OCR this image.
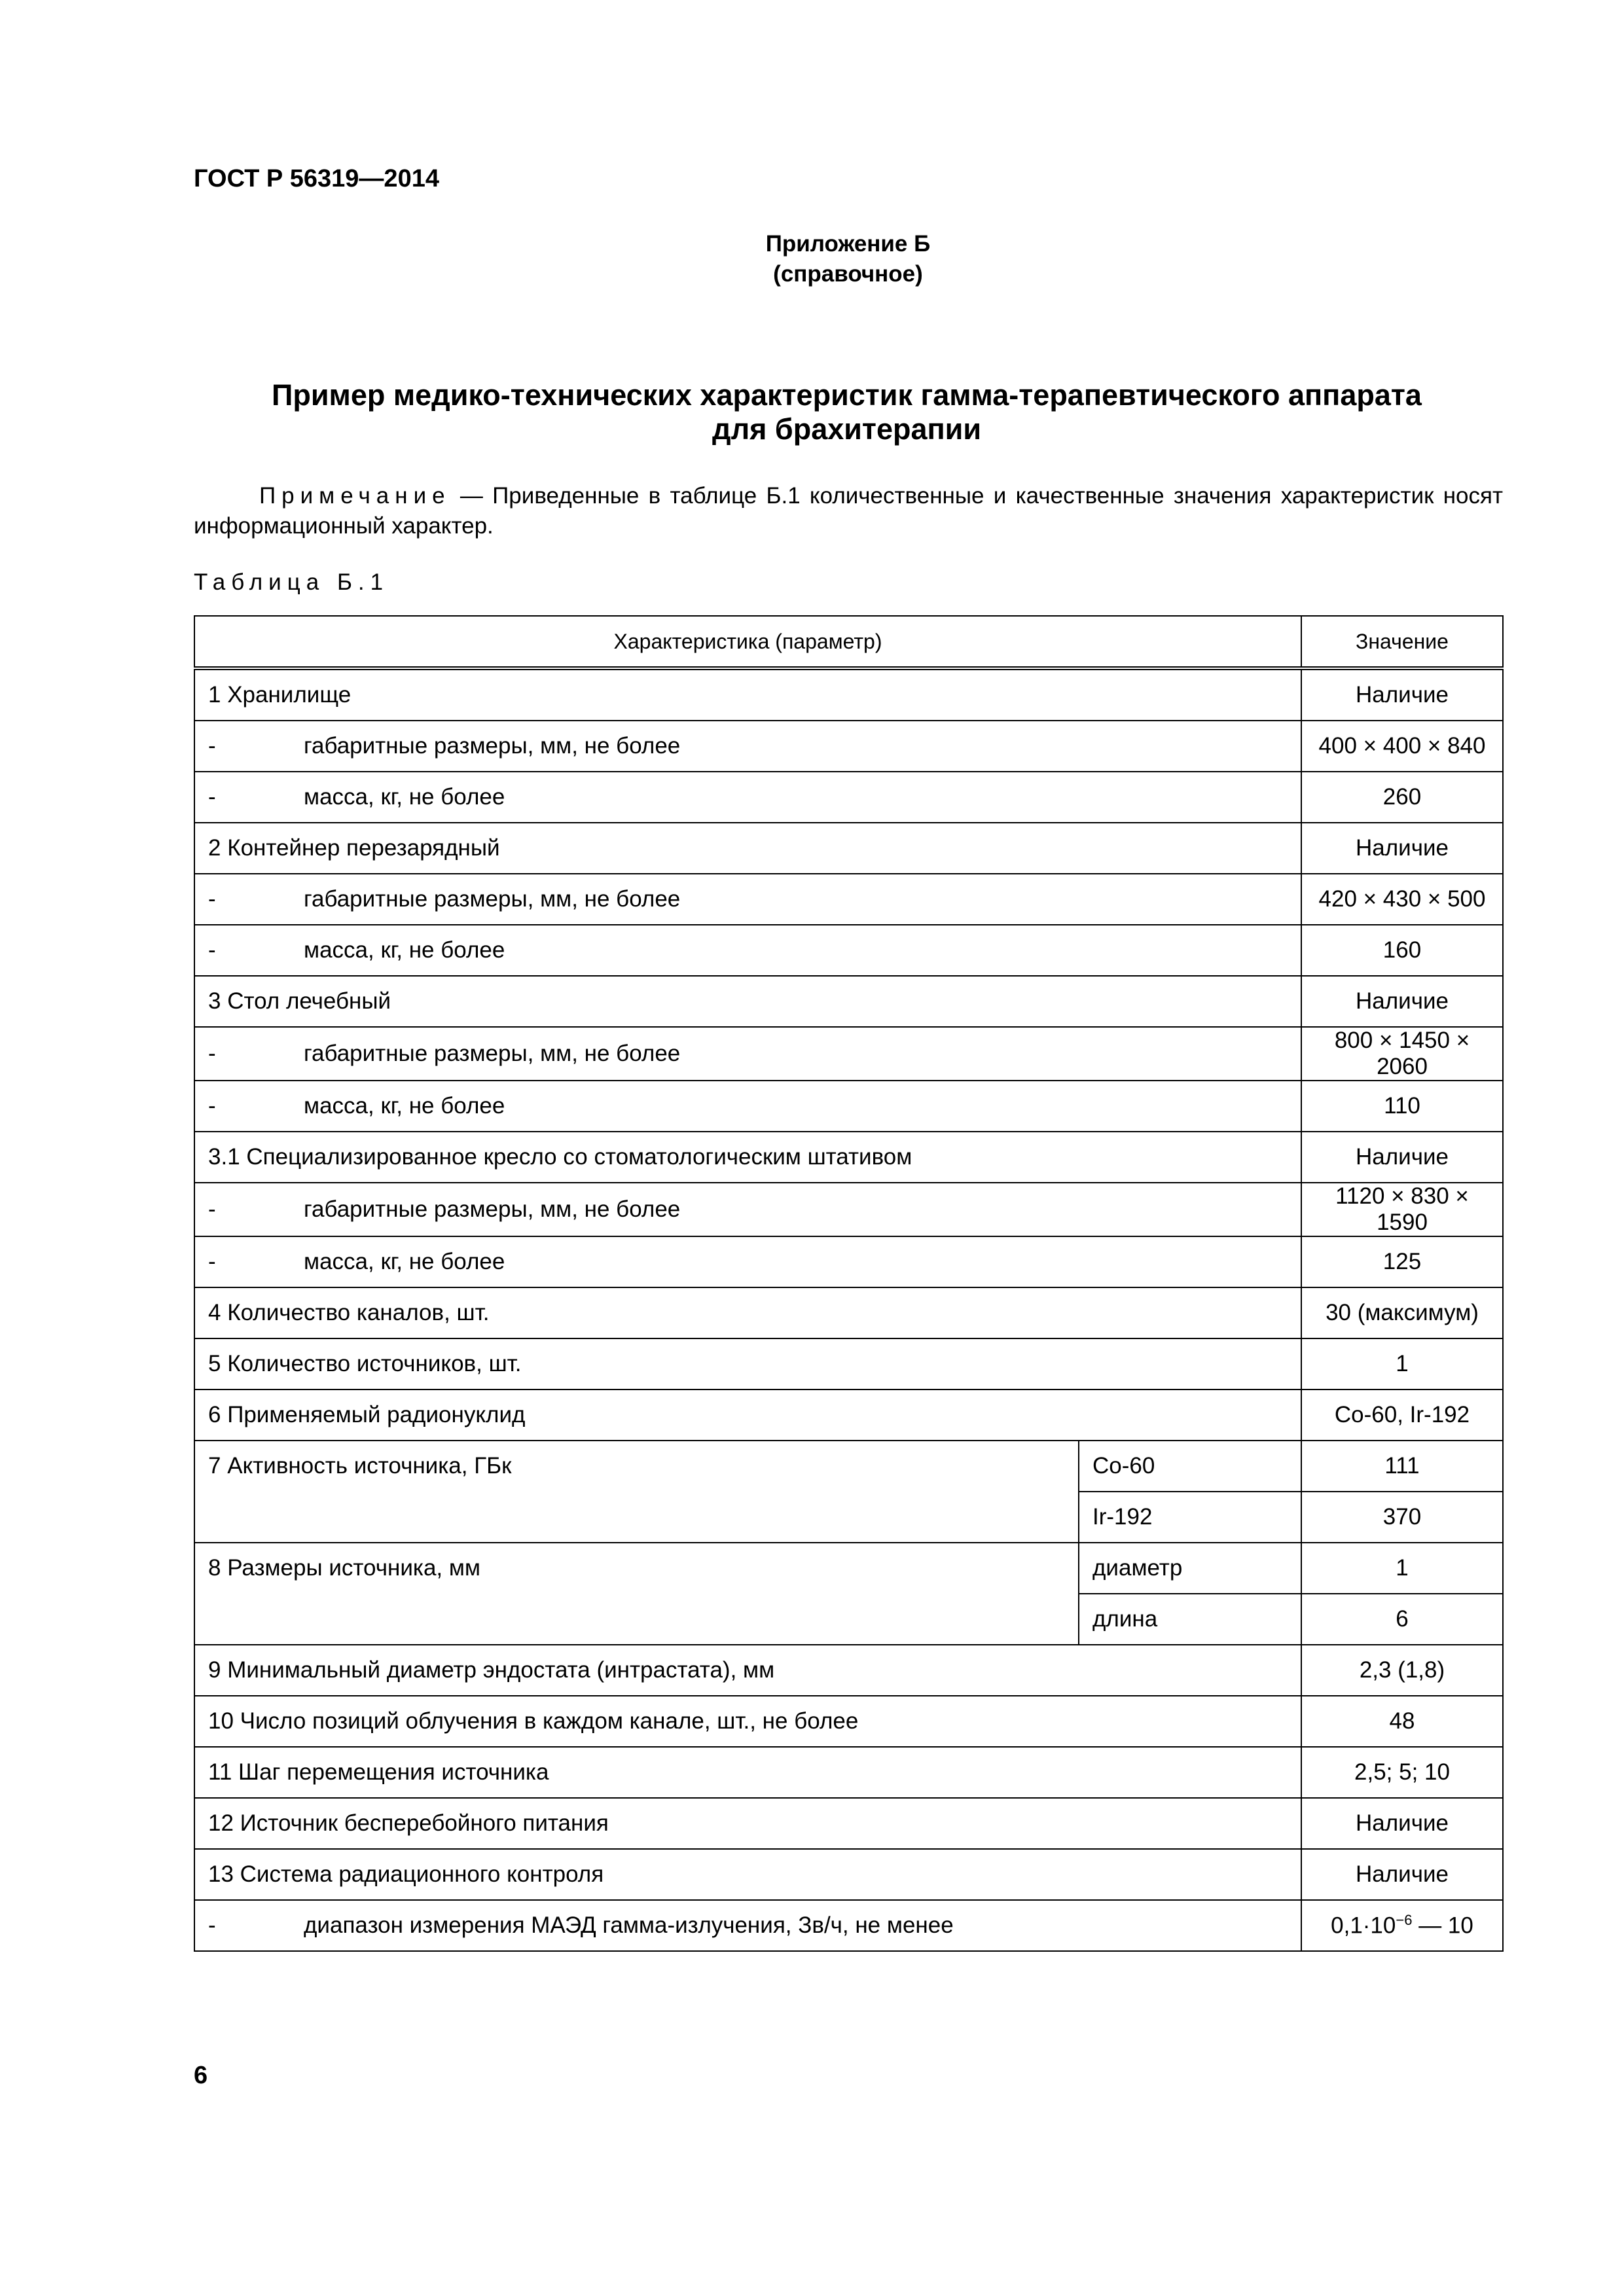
ГОСТ Р 56319—2014
Приложение Б
(справочное)
Пример медико-технических характеристик гамма-терапевтического аппарата
для брахитерапии
Примечание — Приведенные в таблице Б.1 количественные и качественные значения характеристик носят информационный характер.
Таблица Б.1
Характеристика (параметр)		Значение
1 Хранилище		Наличие
- габаритные размеры, мм, не более		400 × 400 × 840
- масса, кг, не более		260
2 Контейнер перезарядный		Наличие
- габаритные размеры, мм, не более		420 × 430 × 500
- масса, кг, не более		160
3 Стол лечебный		Наличие
- габаритные размеры, мм, не более		800 × 1450 × 2060
- масса, кг, не более		110
3.1 Специализированное кресло со стоматологическим штативом		Наличие
- габаритные размеры, мм, не более		1120 × 830 × 1590
- масса, кг, не более		125
4 Количество каналов, шт.		30 (максимум)
5 Количество источников, шт.		1
6 Применяемый радионуклид		Co-60, Ir-192
7 Активность источника, ГБк	Co-60	111
	Ir-192	370
8 Размеры источника, мм	диаметр	1
	длина	6
9 Минимальный диаметр эндостата (интрастата), мм		2,3 (1,8)
10 Число позиций облучения в каждом канале, шт., не более		48
11 Шаг перемещения источника		2,5; 5; 10
12 Источник бесперебойного питания		Наличие
13 Система радиационного контроля		Наличие
- диапазон измерения МАЭД гамма-излучения, Зв/ч, не менее		$0,1\cdot 10^{-6}$ — 10
6
